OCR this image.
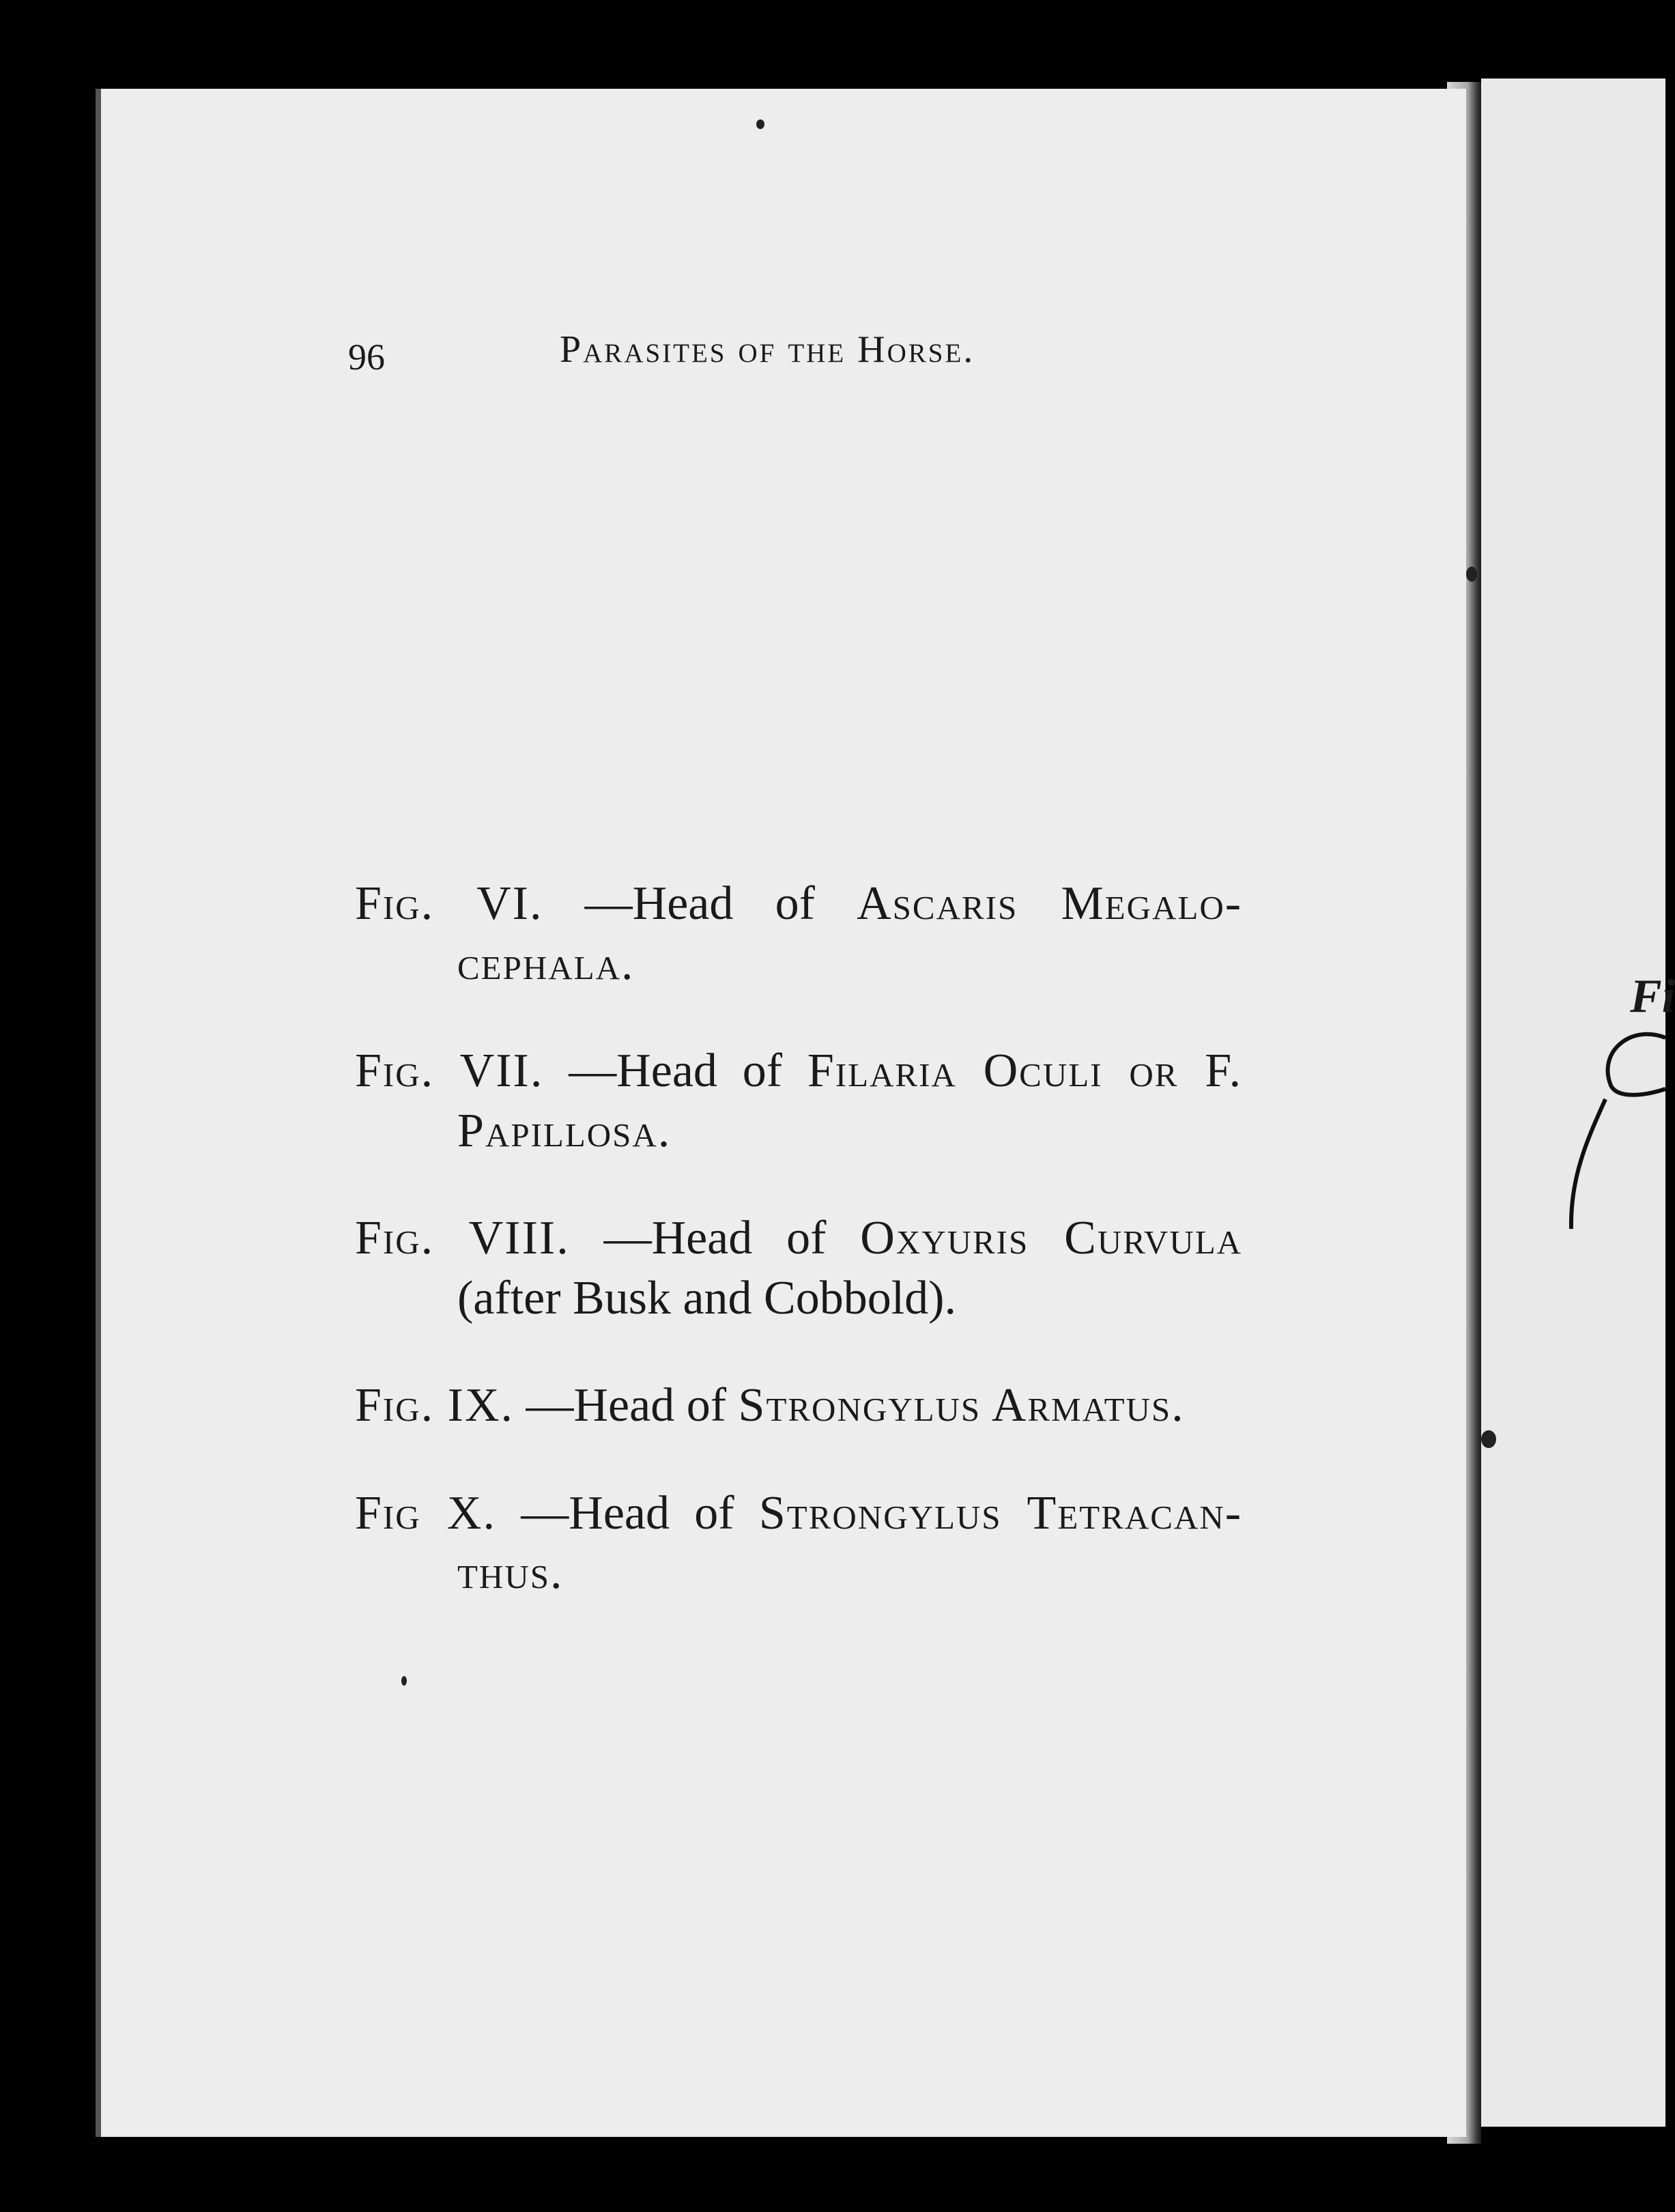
96	Parasites of the Horse.

Fig. VI. —Head of Ascaris Megalo-cephala.

Fig. VII. —Head of Filaria Oculi or F. Papillosa.

Fig. VIII. —Head of Oxyuris Curvula (after Busk and Cobbold).

Fig. IX. —Head of Strongylus Armatus.

Fig X. —Head of Strongylus Tetracan-thus.

Fi
